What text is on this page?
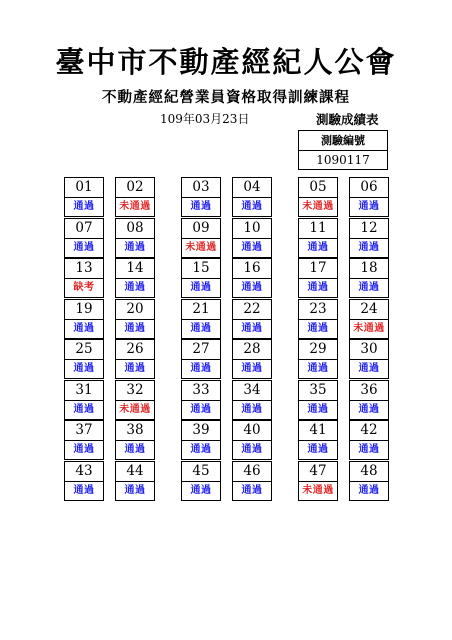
臺中市不動產經紀人公會
不動產經紀營業員資格取得訓練課程
109年03月23日	測驗成績表
測驗編號
1090117
01
通過
02
未通過
03
通過
04
通過
05
未通過
06
通過
07
通過
08
通過
09
未通過
10
通過
11
通過
12
通過
13
缺考
14
通過
15
通過
16
通過
17
通過
18
通過
19
通過
20
通過
21
通過
22
通過
23
通過
24
未通過
25
通過
26
通過
27
通過
28
通過
29
通過
30
通過
31
通過
32
未通過
33
通過
34
通過
35
通過
36
通過
37
通過
38
通過
39
通過
40
通過
41
通過
42
通過
43
通過
44
通過
45
通過
46
通過
47
未通過
48
通過
